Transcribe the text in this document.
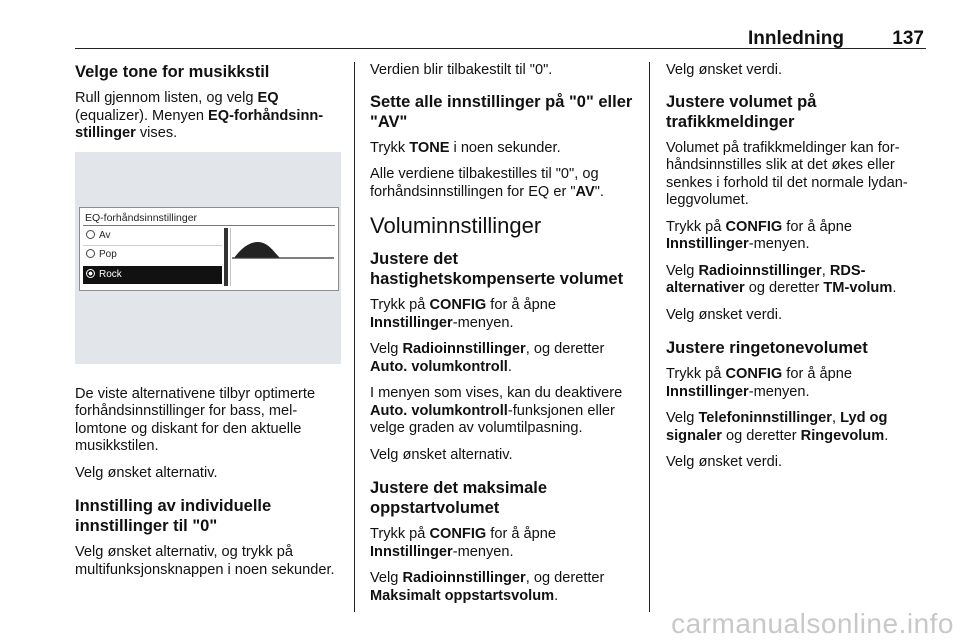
Innledning	137
Velge tone for musikkstil

Rull gjennom listen, og velg EQ (equalizer). Menyen EQ-forhåndsinnstillinger vises.

EQ-forhåndsinnstillinger
Av
Pop
Rock

De viste alternativene tilbyr optimerte forhåndsinnstillinger for bass, mellomtone og diskant for den aktuelle musikkstilen.

Velg ønsket alternativ.

Innstilling av individuelle innstillinger til "0"

Velg ønsket alternativ, og trykk på multifunksjonsknappen i noen sekunder.

Verdien blir tilbakestilt til "0".

Sette alle innstillinger på "0" eller "AV"

Trykk TONE i noen sekunder.

Alle verdiene tilbakestilles til "0", og forhåndsinnstillingen for EQ er "AV".

Voluminnstillinger
Justere det hastighetskompenserte volumet

Trykk på CONFIG for å åpne Innstillinger-menyen.

Velg Radioinnstillinger, og deretter Auto. volumkontroll.

I menyen som vises, kan du deaktivere Auto. volumkontroll-funksjonen eller velge graden av volumtilpasning.

Velg ønsket alternativ.

Justere det maksimale oppstartvolumet

Trykk på CONFIG for å åpne Innstillinger-menyen.

Velg Radioinnstillinger, og deretter Maksimalt oppstartsvolum.

Velg ønsket verdi.

Justere volumet på trafikkmeldinger

Volumet på trafikkmeldinger kan forhåndsinnstilles slik at det økes eller senkes i forhold til det normale lydanleggvolumet.

Trykk på CONFIG for å åpne Innstillinger-menyen.

Velg Radioinnstillinger, RDS-alternativer og deretter TM-volum.

Velg ønsket verdi.

Justere ringetonevolumet

Trykk på CONFIG for å åpne Innstillinger-menyen.

Velg Telefoninnstillinger, Lyd og signaler og deretter Ringevolum.

Velg ønsket verdi.

carmanualsonline.info
